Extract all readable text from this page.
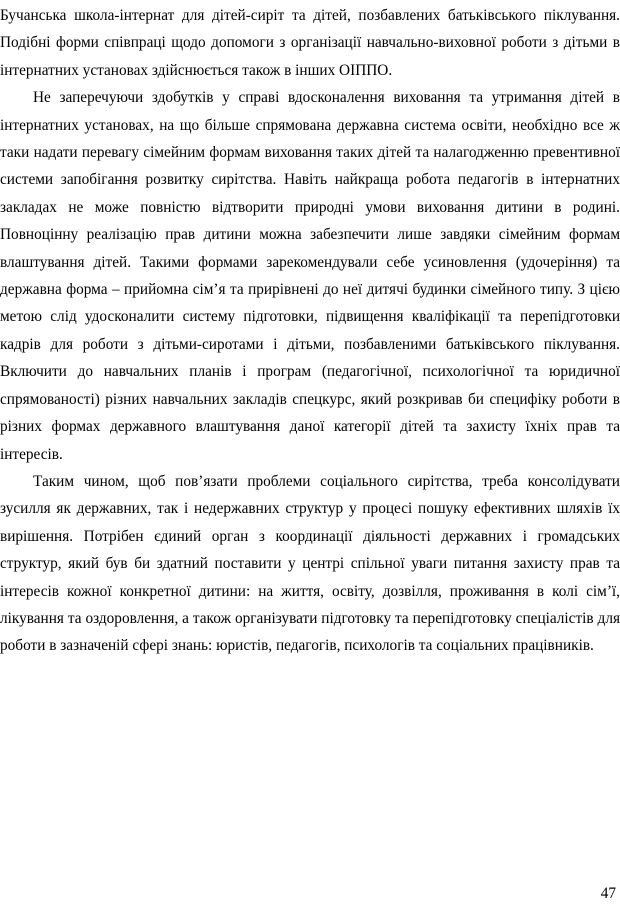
Бучанська школа-інтернат для дітей-сиріт та дітей, позбавлених батьківського піклування. Подібні форми співпраці щодо допомоги з організації навчально-виховної роботи з дітьми в інтернатних установах здійснюється також в інших ОІППО.

Не заперечуючи здобутків у справі вдосконалення виховання та утримання дітей в інтернатних установах, на що більше спрямована державна система освіти, необхідно все ж таки надати перевагу сімейним формам виховання таких дітей та налагодженню превентивної системи запобігання розвитку сирітства. Навіть найкраща робота педагогів в інтернатних закладах не може повністю відтворити природні умови виховання дитини в родині. Повноцінну реалізацію прав дитини можна забезпечити лише завдяки сімейним формам влаштування дітей. Такими формами зарекомендували себе усиновлення (удочеріння) та державна форма – прийомна сім’я та прирівнені до неї дитячі будинки сімейного типу. З цією метою слід удосконалити систему підготовки, підвищення кваліфікації та перепідготовки кадрів для роботи з дітьми-сиротами і дітьми, позбавленими батьківського піклування. Включити до навчальних планів і програм (педагогічної, психологічної та юридичної спрямованості) різних навчальних закладів спецкурс, який розкривав би специфіку роботи в різних формах державного влаштування даної категорії дітей та захисту їхніх прав та інтересів.

Таким чином, щоб пов’язати проблеми соціального сирітства, треба консолідувати зусилля як державних, так і недержавних структур у процесі пошуку ефективних шляхів їх вирішення. Потрібен єдиний орган з координації діяльності державних і громадських структур, який був би здатний поставити у центрі спільної уваги питання захисту прав та інтересів кожної конкретної дитини: на життя, освіту, дозвілля, проживання в колі сім’ї, лікування та оздоровлення, а також організувати підготовку та перепідготовку спеціалістів для роботи в зазначеній сфері знань: юристів, педагогів, психологів та соціальних працівників.

47
